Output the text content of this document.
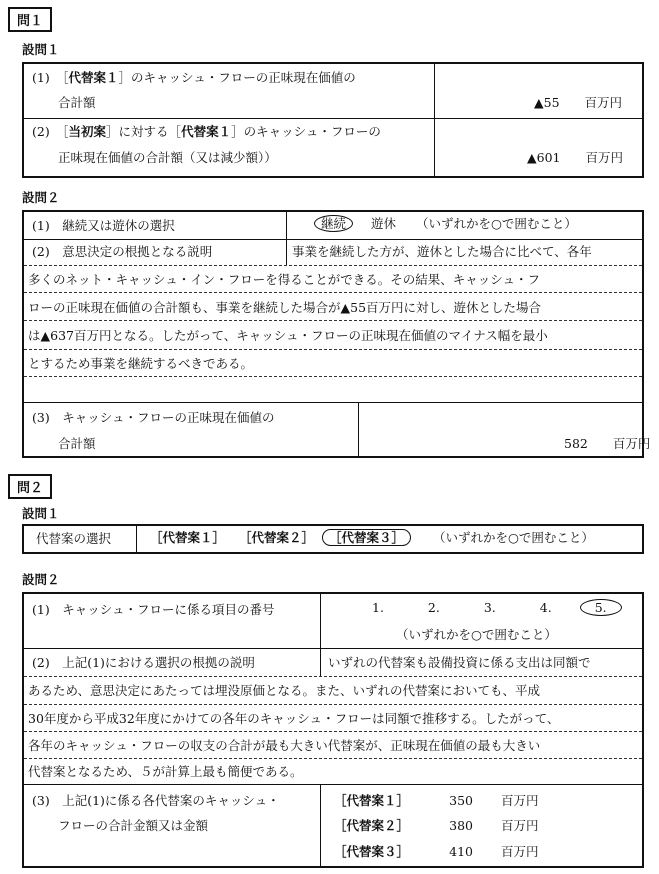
問１
設問１
(1)　 ［代替案１］のキャッシュ・フローの正味現在価値の
合計額	▲55　　 百万円
(2)　 ［当初案］に対する［代替案１］のキャッシュ・フローの
正味現在価値の合計額（又は減少額））	▲601　　 百万円
設問２
(1)　継続又は遊休の選択	継続 遊休 （いずれかを○で囲むこと）
(2)　意思決定の根拠となる説明	事業を継続した方が、遊休とした場合に比べて、各年
多くのネット・キャッシュ・イン・フローを得ることができる。その結果、キャッシュ・フ
ローの正味現在価値の合計額も、事業を継続した場合が▲55百万円に対し、遊休とした場合
は▲637百万円となる。したがって、キャッシュ・フローの正味現在価値のマイナス幅を最小
とするため事業を継続するべきである。
(3)　キャッシュ・フローの正味現在価値の
合計額	582　　 百万円
問２
設問１
代替案の選択	［代替案１］ ［代替案２］ ［代替案３］ （いずれかを○で囲むこと）
設問２
(1)　キャッシュ・フローに係る項目の番号	1.	2.	3.	4.	5.
（いずれかを○で囲むこと）
(2)　上記(1)における選択の根拠の説明	いずれの代替案も設備投資に係る支出は同額で
あるため、意思決定にあたっては埋没原価となる。また、いずれの代替案においても、平成
30年度から平成32年度にかけての各年のキャッシュ・フローは同額で推移する。したがって、
各年のキャッシュ・フローの収支の合計が最も大きい代替案が、正味現在価値の最も大きい
代替案となるため、５が計算上最も簡便である。
(3)　上記(1)に係る各代替案のキャッシュ・
フローの合計金額又は金額
［代替案１］	350 百万円
［代替案２］	380 百万円
［代替案３］	410 百万円
